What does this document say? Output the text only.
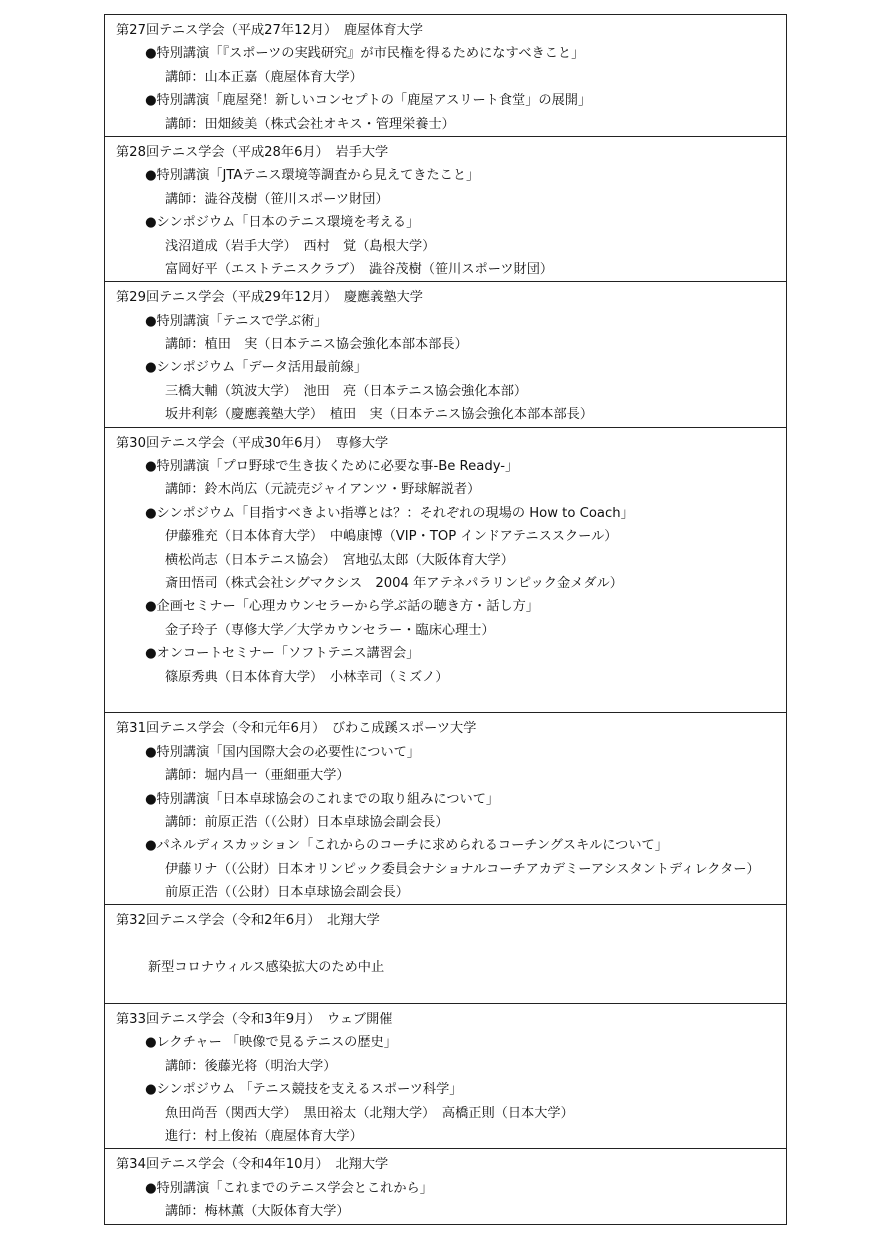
第27回テニス学会（平成27年12月）　鹿屋体育大学
●特別講演「『スポーツの実践研究』が市民権を得るためになすべきこと」
講師：山本正嘉（鹿屋体育大学）
●特別講演「鹿屋発！新しいコンセプトの「鹿屋アスリート食堂」の展開」
講師：田畑綾美（株式会社オキス・管理栄養士）
第28回テニス学会（平成28年6月）　岩手大学
●特別講演「JTAテニス環境等調査から見えてきたこと」
講師：澁谷茂樹（笹川スポーツ財団）
●シンポジウム「日本のテニス環境を考える」
浅沼道成（岩手大学）　西村　覚（島根大学）
富岡好平（エストテニスクラブ）　澁谷茂樹（笹川スポーツ財団）
第29回テニス学会（平成29年12月）　慶應義塾大学
●特別講演「テニスで学ぶ術」
講師：植田　実（日本テニス協会強化本部本部長）
●シンポジウム「データ活用最前線」
三橋大輔（筑波大学）　池田　亮（日本テニス協会強化本部）
坂井利彰（慶應義塾大学）　植田　実（日本テニス協会強化本部本部長）
第30回テニス学会（平成30年6月）　専修大学
●特別講演「プロ野球で生き抜くために必要な事-Be Ready-」
講師：鈴木尚広（元読売ジャイアンツ・野球解説者）
●シンポジウム「目指すべきよい指導とは？：それぞれの現場の How to Coach」
伊藤雅充（日本体育大学）　中嶋康博（VIP・TOP インドアテニススクール）
横松尚志（日本テニス協会）　宮地弘太郎（大阪体育大学）
斎田悟司（株式会社シグマクシス　2004 年アテネパラリンピック金メダル）
●企画セミナー「心理カウンセラーから学ぶ話の聴き方・話し方」
金子玲子（専修大学／大学カウンセラー・臨床心理士）
●オンコートセミナー「ソフトテニス講習会」
篠原秀典（日本体育大学）　小林幸司（ミズノ）
第31回テニス学会（令和元年6月）　びわこ成蹊スポーツ大学
●特別講演「国内国際大会の必要性について」
講師：堀内昌一（亜細亜大学）
●特別講演「日本卓球協会のこれまでの取り組みについて」
講師：前原正浩（（公財）日本卓球協会副会長）
●パネルディスカッション「これからのコーチに求められるコーチングスキルについて」
伊藤リナ（（公財）日本オリンピック委員会ナショナルコーチアカデミーアシスタントディレクター）
前原正浩（（公財）日本卓球協会副会長）
第32回テニス学会（令和2年6月）　北翔大学
新型コロナウィルス感染拡大のため中止
第33回テニス学会（令和3年9月）　ウェブ開催
●レクチャー 「映像で見るテニスの歴史」
講師：後藤光将（明治大学）
●シンポジウム 「テニス競技を支えるスポーツ科学」
魚田尚吾（関西大学）　黒田裕太（北翔大学）　高橋正則（日本大学）
進行：村上俊祐（鹿屋体育大学）
第34回テニス学会（令和4年10月）　北翔大学
●特別講演「これまでのテニス学会とこれから」
講師：梅林薫（大阪体育大学）
